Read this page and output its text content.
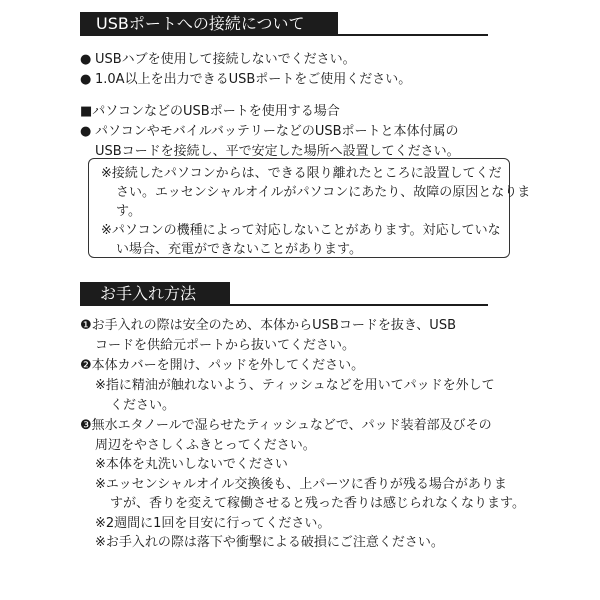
USBポートへの接続について
● USBハブを使用して接続しないでください。
● 1.0A以上を出力できるUSBポートをご使用ください。
■パソコンなどのUSBポートを使用する場合
● パソコンやモバイルバッテリーなどのUSBポートと本体付属の
USBコードを接続し、平で安定した場所へ設置してください。
※接続したパソコンからは、できる限り離れたところに設置してくだ
さい。エッセンシャルオイルがパソコンにあたり、故障の原因となりま
す。
※パソコンの機種によって対応しないことがあります。対応していな
い場合、充電ができないことがあります。
お手入れ方法
❶お手入れの際は安全のため、本体からUSBコードを抜き、USB
コードを供給元ポートから抜いてください。
❷本体カバーを開け、パッドを外してください。
※指に精油が触れないよう、ティッシュなどを用いてパッドを外して
ください。
❸無水エタノールで湿らせたティッシュなどで、パッド装着部及びその
周辺をやさしくふきとってください。
※本体を丸洗いしないでください
※エッセンシャルオイル交換後も、上パーツに香りが残る場合がありま
すが、香りを変えて稼働させると残った香りは感じられなくなります。
※2週間に1回を目安に行ってください。
※お手入れの際は落下や衝撃による破損にご注意ください。
